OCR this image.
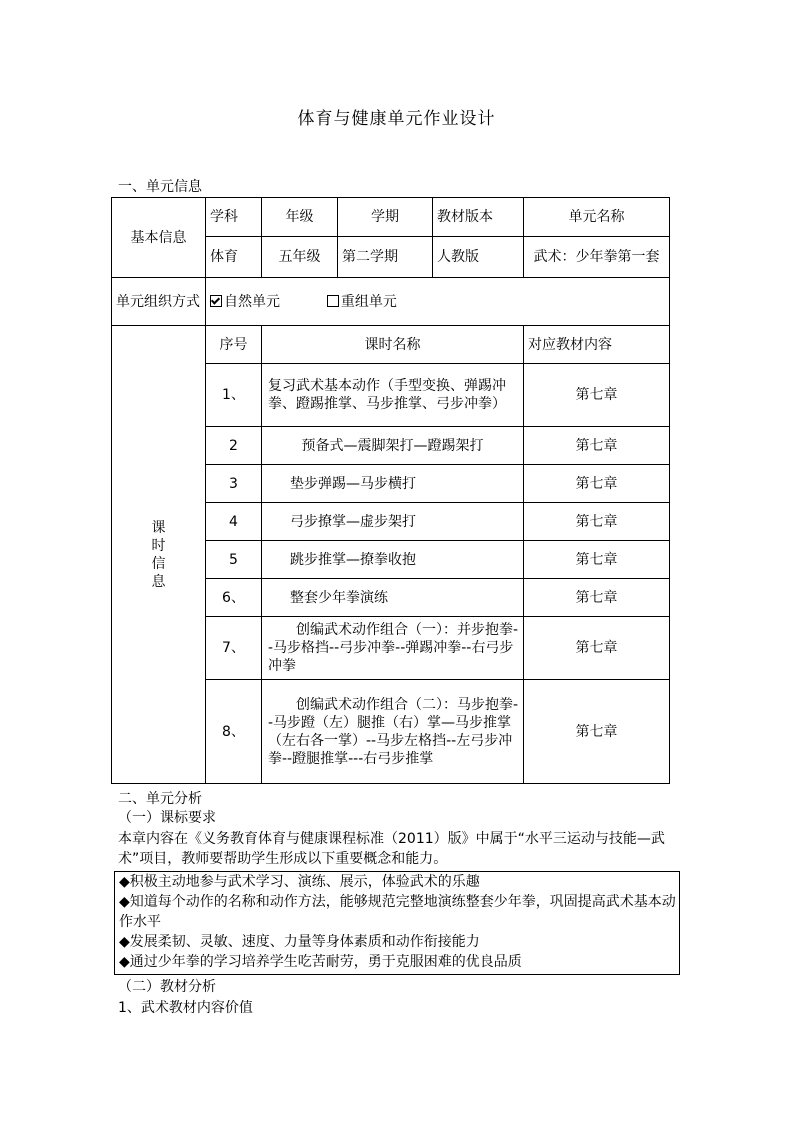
体育与健康单元作业设计
一、单元信息
基本信息	学科	年级	学期	教材版本	单元名称
	体育	五年级	第二学期	人教版	武术：少年拳第一套
单元组织方式	自然单元 重组单元				

课时信息	序号	课时名称			对应教材内容
	1、	复习武术基本动作（手型变换、弹踢冲拳、蹬踢推掌、马步推掌、弓步冲拳）			第七章
	2	预备式—震脚架打—蹬踢架打			第七章
	3	垫步弹踢—马步横打			第七章
	4	弓步撩掌—虚步架打			第七章
	5	跳步推掌—撩拳收抱			第七章
	6、	整套少年拳演练			第七章
	7、	创编武术动作组合（一）：并步抱拳--马步格挡--弓步冲拳--弹踢冲拳--右弓步冲拳			第七章
	8、	创编武术动作组合（二）：马步抱拳--马步蹬（左）腿推（右）掌—马步推掌（左右各一掌）--马步左格挡--左弓步冲拳--蹬腿推掌---右弓步推掌			第七章
二、单元分析
（一）课标要求
本章内容在《义务教育体育与健康课程标准（2011）版》中属于“水平三运动与技能—武术”项目，教师要帮助学生形成以下重要概念和能力。
◆积极主动地参与武术学习、演练、展示，体验武术的乐趣
◆知道每个动作的名称和动作方法，能够规范完整地演练整套少年拳，巩固提高武术基本动作水平
◆发展柔韧、灵敏、速度、力量等身体素质和动作衔接能力
◆通过少年拳的学习培养学生吃苦耐劳，勇于克服困难的优良品质
（二）教材分析
1、武术教材内容价值
